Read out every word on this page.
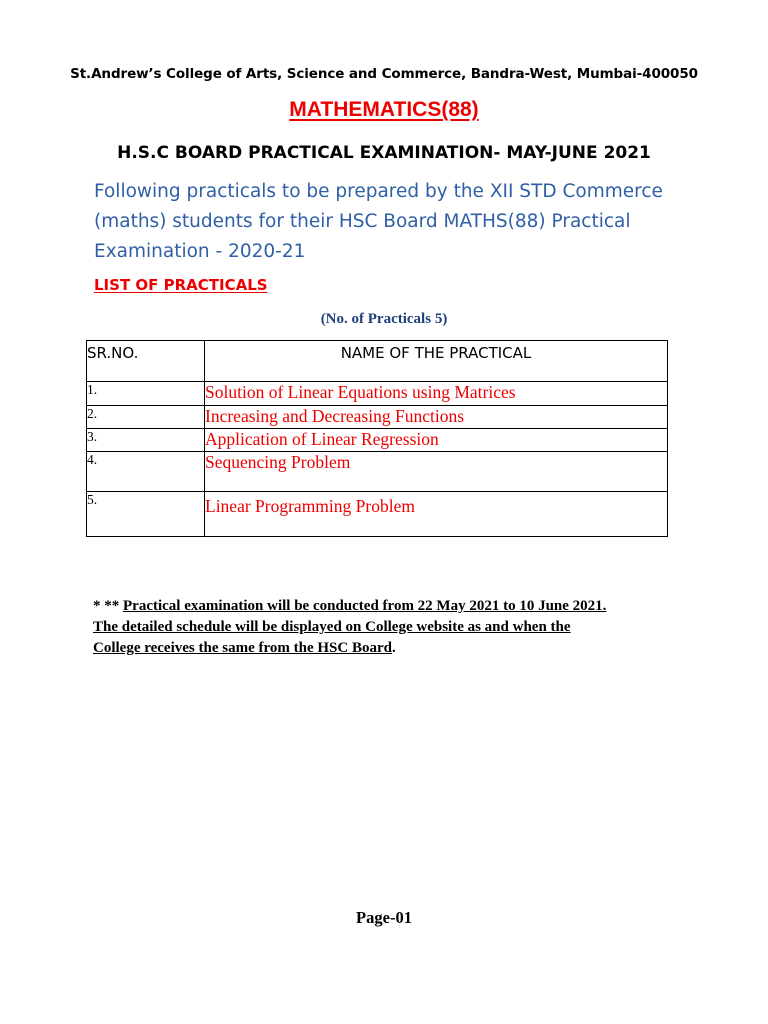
St.Andrew’s College of Arts, Science and Commerce, Bandra-West, Mumbai-400050
MATHEMATICS(88)
H.S.C BOARD PRACTICAL EXAMINATION- MAY-JUNE 2021
Following practicals to be prepared by the XII STD Commerce (maths) students for their HSC Board MATHS(88) Practical Examination - 2020-21
LIST OF PRACTICALS
(No. of Practicals 5)
SR.NO.	NAME OF THE PRACTICAL
1.	Solution of Linear Equations using Matrices
2.	Increasing and Decreasing Functions
3.	Application of Linear Regression
4.	Sequencing Problem
5.	Linear Programming Problem
* ** Practical examination will be conducted from 22 May 2021 to 10 June 2021.
The detailed schedule will be displayed on College website as and when the
College receives the same from the HSC Board.
Page-01
